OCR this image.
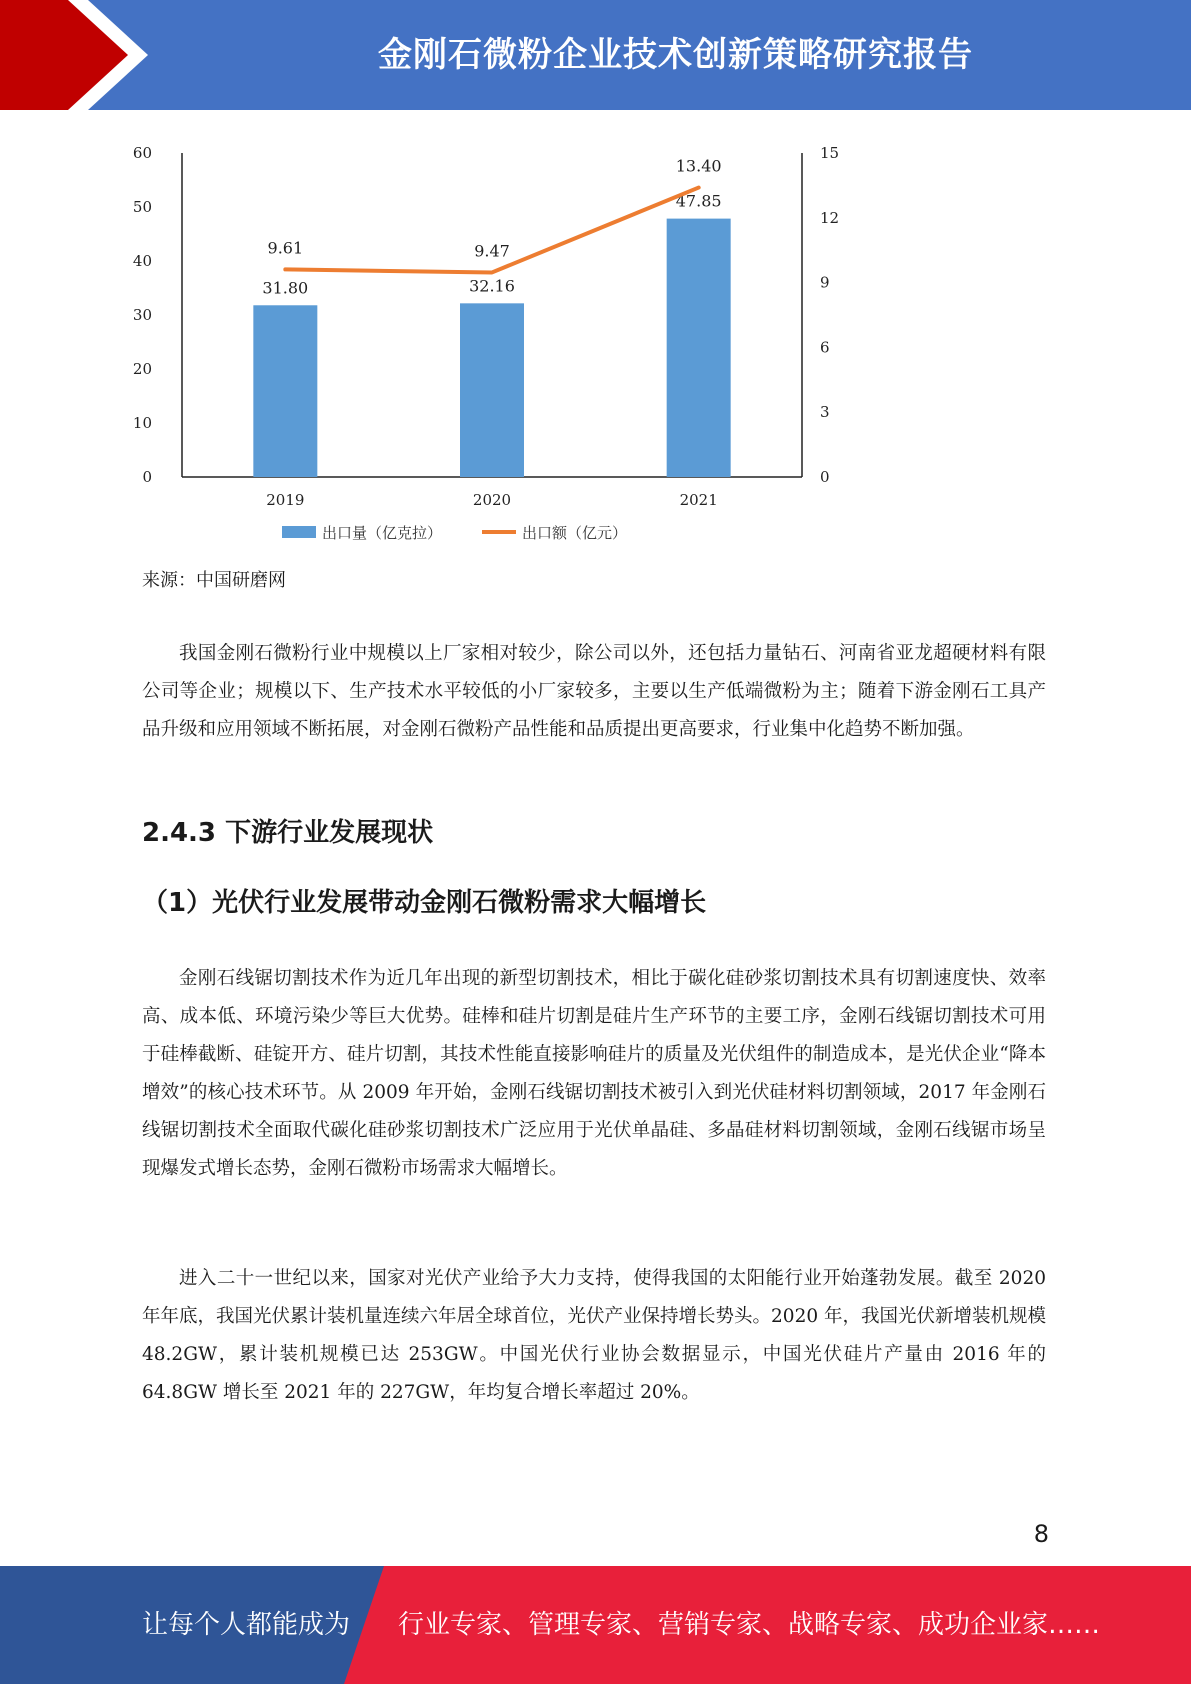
金刚石微粉企业技术创新策略研究报告
0
10
20
30
40
50
60
0
3
6
9
12
15
2019	2020	2021
31.80	32.16
47.85
9.61	9.47
13.40
出口量（亿克拉）	出口额（亿元）
来源：中国研磨网

我国金刚石微粉行业中规模以上厂家相对较少，除公司以外，还包括力量钻石、河南省亚龙超硬材料有限公司等企业；规模以下、生产技术水平较低的小厂家较多，主要以生产低端微粉为主；随着下游金刚石工具产品升级和应用领域不断拓展，对金刚石微粉产品性能和品质提出更高要求，行业集中化趋势不断加强。

2.4.3 下游行业发展现状
（1）光伏行业发展带动金刚石微粉需求大幅增长

金刚石线锯切割技术作为近几年出现的新型切割技术，相比于碳化硅砂浆切割技术具有切割速度快、效率高、成本低、环境污染少等巨大优势。硅棒和硅片切割是硅片生产环节的主要工序，金刚石线锯切割技术可用于硅棒截断、硅锭开方、硅片切割，其技术性能直接影响硅片的质量及光伏组件的制造成本，是光伏企业“降本增效”的核心技术环节。从 2009 年开始，金刚石线锯切割技术被引入到光伏硅材料切割领域，2017 年金刚石线锯切割技术全面取代碳化硅砂浆切割技术广泛应用于光伏单晶硅、多晶硅材料切割领域，金刚石线锯市场呈现爆发式增长态势，金刚石微粉市场需求大幅增长。

进入二十一世纪以来，国家对光伏产业给予大力支持，使得我国的太阳能行业开始蓬勃发展。截至 2020 年年底，我国光伏累计装机量连续六年居全球首位，光伏产业保持增长势头。2020 年，我国光伏新增装机规模 48.2GW，累计装机规模已达 253GW。中国光伏行业协会数据显示，中国光伏硅片产量由 2016 年的 64.8GW 增长至 2021 年的 227GW，年均复合增长率超过 20%。

8
让每个人都能成为 行业专家、管理专家、营销专家、战略专家、成功企业家……
